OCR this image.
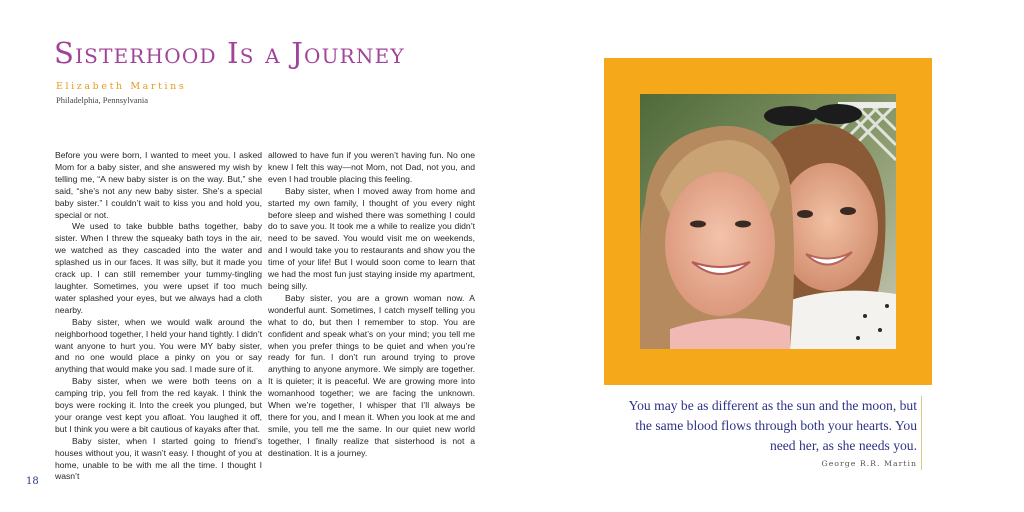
Sisterhood Is a Journey
Elizabeth Martins
Philadelphia, Pennsylvania

Before you were born, I wanted to meet you. I asked Mom for a baby sister, and she answered my wish by telling me, “A new baby sister is on the way. But,” she said, “she’s not any new baby sister. She’s a special baby sister.” I couldn’t wait to kiss you and hold you, special or not.

We used to take bubble baths together, baby sister. When I threw the squeaky bath toys in the air, we watched as they cascaded into the water and splashed us in our faces. It was silly, but it made you crack up. I can still remember your tummy-tingling laughter. Sometimes, you were upset if too much water splashed your eyes, but we always had a cloth nearby.

Baby sister, when we would walk around the neighborhood together, I held your hand tightly. I didn’t want anyone to hurt you. You were MY baby sister, and no one would place a pinky on you or say anything that would make you sad. I made sure of it.

Baby sister, when we were both teens on a camping trip, you fell from the red kayak. I think the boys were rocking it. Into the creek you plunged, but your orange vest kept you afloat. You laughed it off, but I think you were a bit cautious of kayaks after that.

Baby sister, when I started going to friend’s houses without you, it wasn’t easy. I thought of you at home, unable to be with me all the time. I thought I wasn’t

allowed to have fun if you weren’t having fun. No one knew I felt this way—not Mom, not Dad, not you, and even I had trouble placing this feeling.

Baby sister, when I moved away from home and started my own family, I thought of you every night before sleep and wished there was something I could do to save you. It took me a while to realize you didn’t need to be saved. You would visit me on weekends, and I would take you to restaurants and show you the time of your life! But I would soon come to learn that we had the most fun just staying inside my apartment, being silly.

Baby sister, you are a grown woman now. A wonderful aunt. Sometimes, I catch myself telling you what to do, but then I remember to stop. You are confident and speak what’s on your mind; you tell me when you prefer things to be quiet and when you’re ready for fun. I don’t run around trying to prove anything to anyone anymore. We simply are together. It is quieter; it is peaceful. We are growing more into womanhood together; we are facing the unknown. When we’re together, I whisper that I’ll always be there for you, and I mean it. When you look at me and smile, you tell me the same. In our quiet new world together, I finally realize that sisterhood is not a destination. It is a journey.

18
You may be as different as the sun and the moon, but the same blood flows through both your hearts. You need her, as she needs you.
George R.R. Martin
